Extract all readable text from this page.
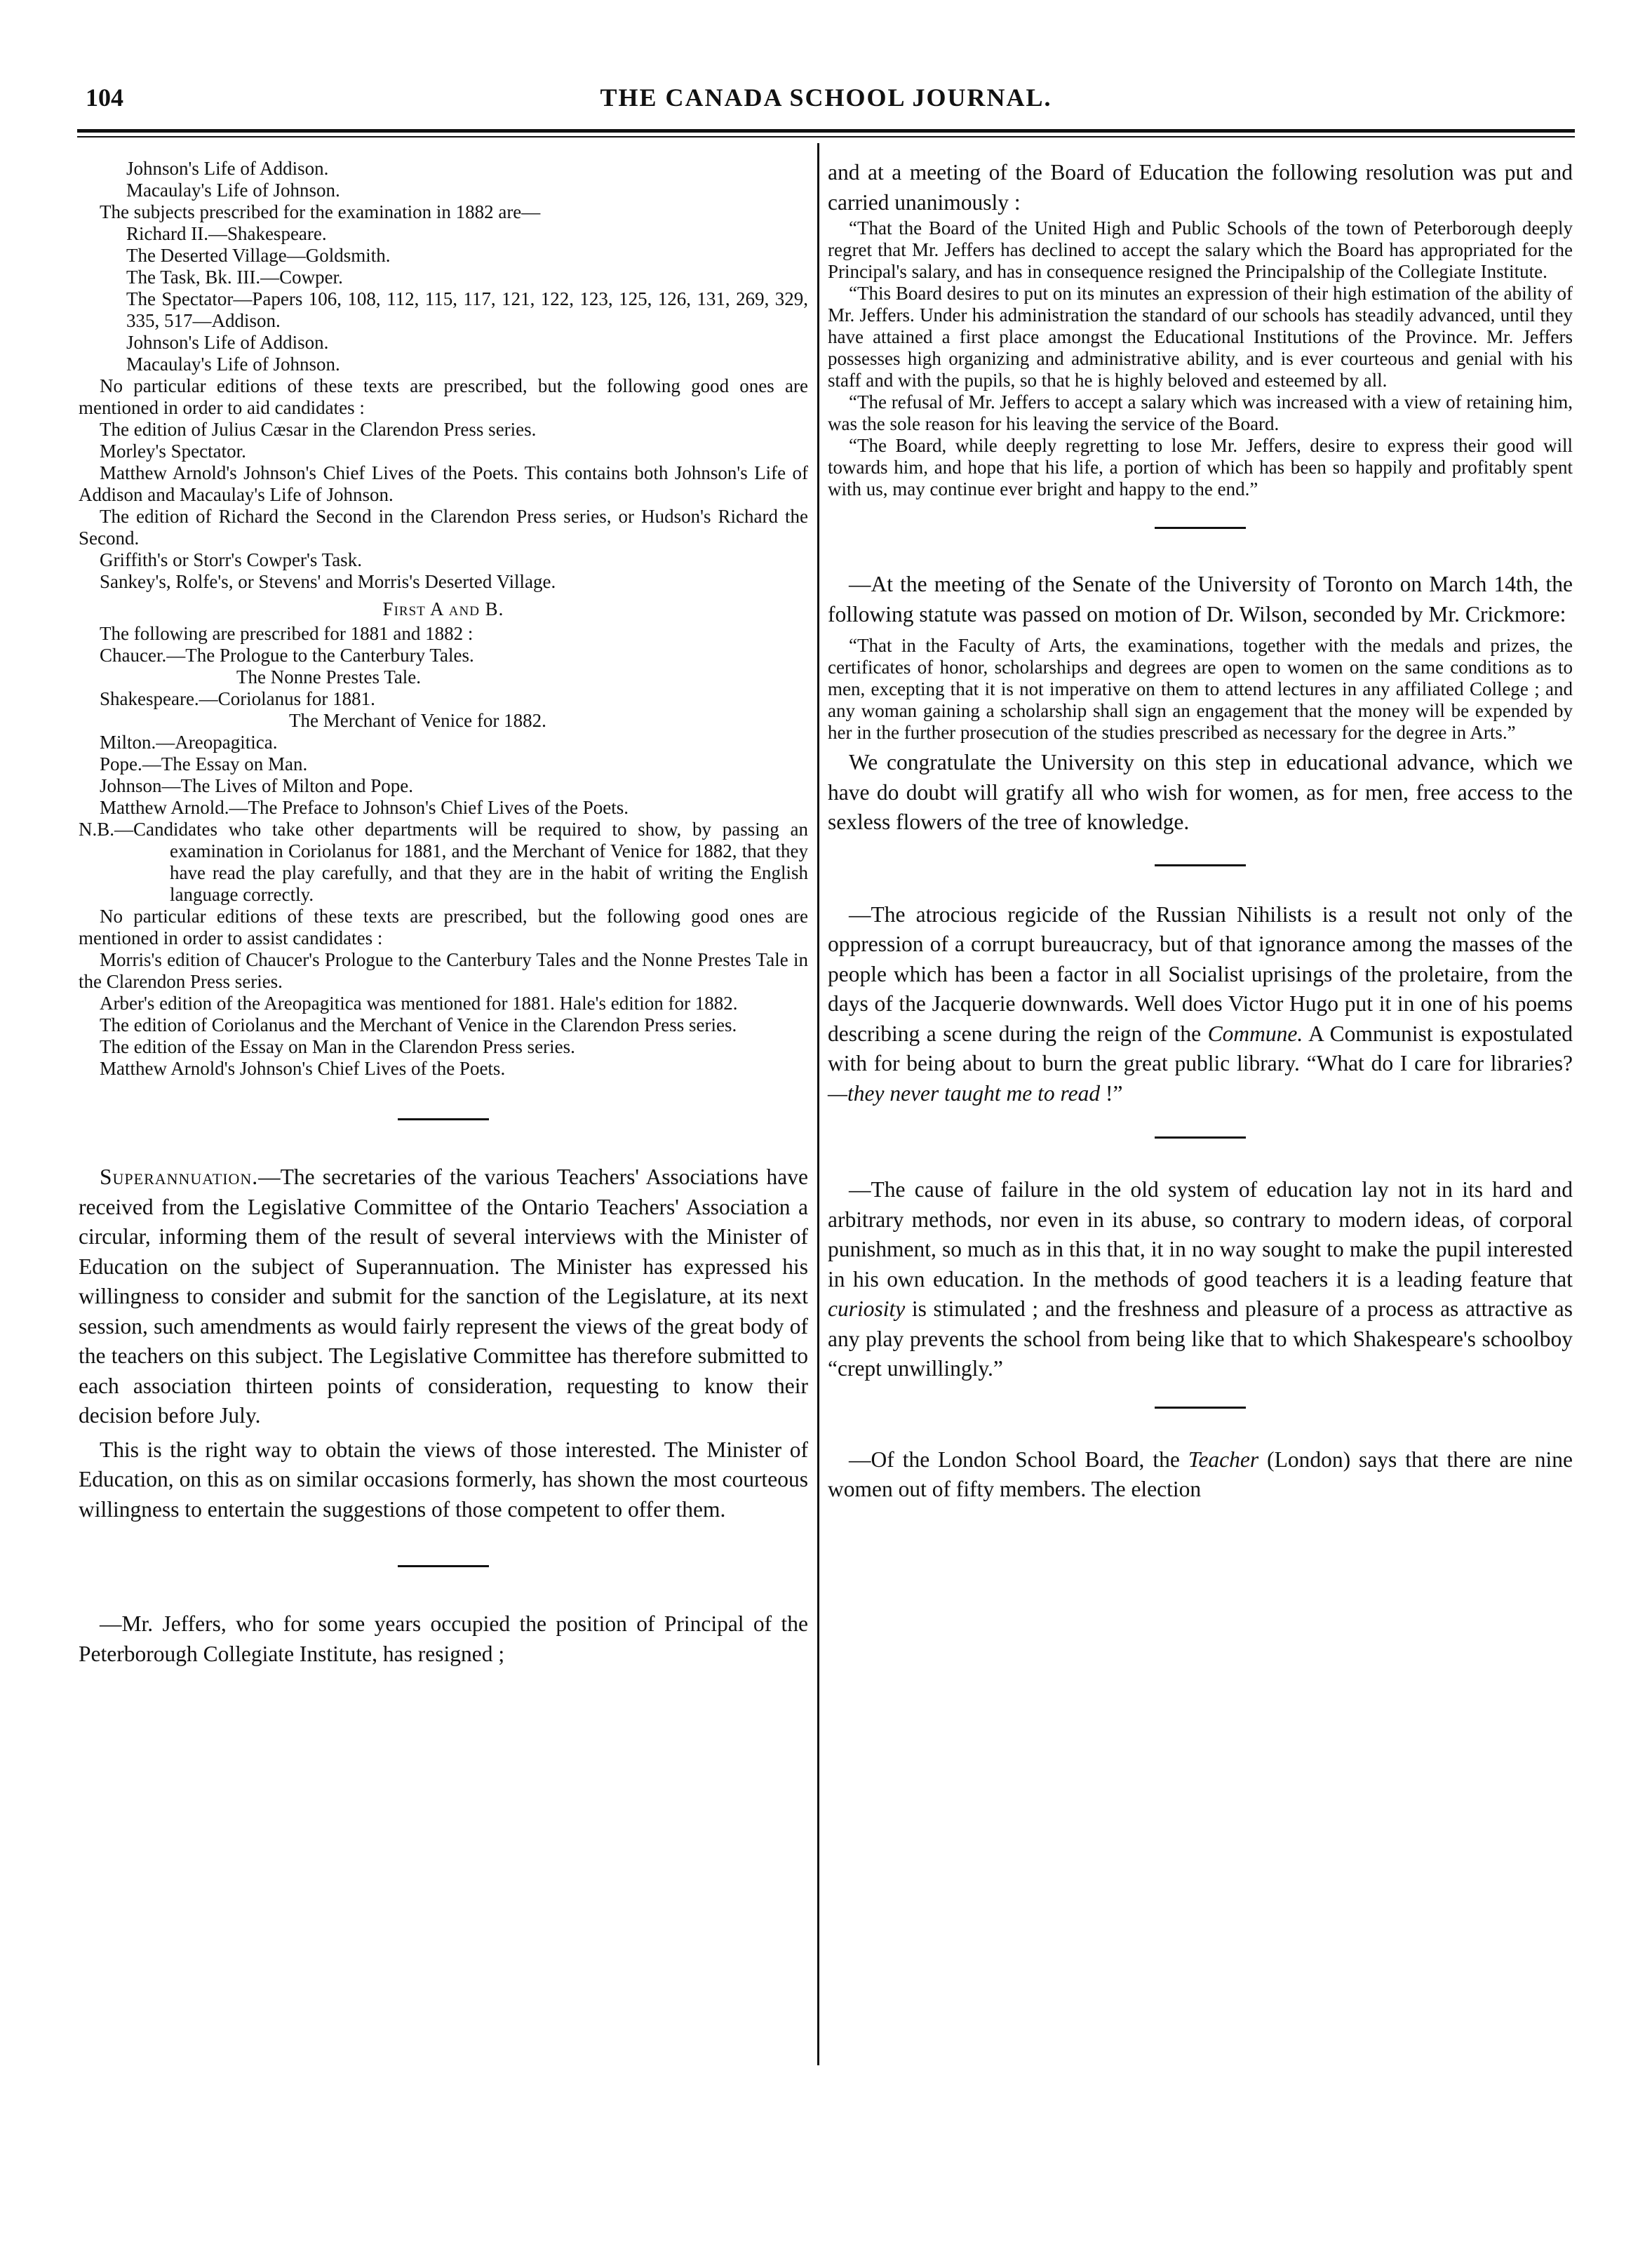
104	THE CANADA SCHOOL JOURNAL.

Johnson's Life of Addison.

Macaulay's Life of Johnson.

The subjects prescribed for the examination in 1882 are—

Richard II.—Shakespeare.

The Deserted Village—Goldsmith.

The Task, Bk. III.—Cowper.

The Spectator—Papers 106, 108, 112, 115, 117, 121, 122, 123, 125, 126, 131, 269, 329, 335, 517—Addison.

Johnson's Life of Addison.

Macaulay's Life of Johnson.

No particular editions of these texts are prescribed, but the following good ones are mentioned in order to aid candidates :

The edition of Julius Cæsar in the Clarendon Press series.

Morley's Spectator.

Matthew Arnold's Johnson's Chief Lives of the Poets. This contains both Johnson's Life of Addison and Macaulay's Life of Johnson.

The edition of Richard the Second in the Clarendon Press series, or Hudson's Richard the Second.

Griffith's or Storr's Cowper's Task.

Sankey's, Rolfe's, or Stevens' and Morris's Deserted Village.

First A and B.

The following are prescribed for 1881 and 1882 :

Chaucer.—The Prologue to the Canterbury Tales.

The Nonne Prestes Tale.

Shakespeare.—Coriolanus for 1881.

The Merchant of Venice for 1882.

Milton.—Areopagitica.

Pope.—The Essay on Man.

Johnson—The Lives of Milton and Pope.

Matthew Arnold.—The Preface to Johnson's Chief Lives of the Poets.

N.B.—Candidates who take other departments will be required to show, by passing an examination in Coriolanus for 1881, and the Merchant of Venice for 1882, that they have read the play carefully, and that they are in the habit of writing the English language correctly.

No particular editions of these texts are prescribed, but the following good ones are mentioned in order to assist candidates :

Morris's edition of Chaucer's Prologue to the Canterbury Tales and the Nonne Prestes Tale in the Clarendon Press series.

Arber's edition of the Areopagitica was mentioned for 1881. Hale's edition for 1882.

The edition of Coriolanus and the Merchant of Venice in the Clarendon Press series.

The edition of the Essay on Man in the Clarendon Press series.

Matthew Arnold's Johnson's Chief Lives of the Poets.

Superannuation.—The secretaries of the various Teachers' Associations have received from the Legislative Committee of the Ontario Teachers' Association a circular, informing them of the result of several interviews with the Minister of Education on the subject of Superannuation. The Minister has expressed his willingness to consider and submit for the sanction of the Legislature, at its next session, such amendments as would fairly represent the views of the great body of the teachers on this subject. The Legislative Committee has therefore submitted to each association thirteen points of consideration, requesting to know their decision before July.

This is the right way to obtain the views of those interested. The Minister of Education, on this as on similar occasions formerly, has shown the most courteous willingness to entertain the suggestions of those competent to offer them.

—Mr. Jeffers, who for some years occupied the position of Principal of the Peterborough Collegiate Institute, has resigned ;

and at a meeting of the Board of Education the following resolution was put and carried unanimously :

“That the Board of the United High and Public Schools of the town of Peterborough deeply regret that Mr. Jeffers has declined to accept the salary which the Board has appropriated for the Principal's salary, and has in consequence resigned the Principalship of the Collegiate Institute.

“This Board desires to put on its minutes an expression of their high estimation of the ability of Mr. Jeffers. Under his administration the standard of our schools has steadily advanced, until they have attained a first place amongst the Educational Institutions of the Province. Mr. Jeffers possesses high organizing and administrative ability, and is ever courteous and genial with his staff and with the pupils, so that he is highly beloved and esteemed by all.

“The refusal of Mr. Jeffers to accept a salary which was increased with a view of retaining him, was the sole reason for his leaving the service of the Board.

“The Board, while deeply regretting to lose Mr. Jeffers, desire to express their good will towards him, and hope that his life, a portion of which has been so happily and profitably spent with us, may continue ever bright and happy to the end.”

—At the meeting of the Senate of the University of Toronto on March 14th, the following statute was passed on motion of Dr. Wilson, seconded by Mr. Crickmore:

“That in the Faculty of Arts, the examinations, together with the medals and prizes, the certificates of honor, scholarships and degrees are open to women on the same conditions as to men, excepting that it is not imperative on them to attend lectures in any affiliated College ; and any woman gaining a scholarship shall sign an engagement that the money will be expended by her in the further prosecution of the studies prescribed as necessary for the degree in Arts.”

We congratulate the University on this step in educational advance, which we have do doubt will gratify all who wish for women, as for men, free access to the sexless flowers of the tree of knowledge.

—The atrocious regicide of the Russian Nihilists is a result not only of the oppression of a corrupt bureaucracy, but of that ignorance among the masses of the people which has been a factor in all Socialist uprisings of the proletaire, from the days of the Jacquerie downwards. Well does Victor Hugo put it in one of his poems describing a scene during the reign of the Commune. A Communist is expostulated with for being about to burn the great public library. “What do I care for libraries? —they never taught me to read !”

—The cause of failure in the old system of education lay not in its hard and arbitrary methods, nor even in its abuse, so contrary to modern ideas, of corporal punishment, so much as in this that, it in no way sought to make the pupil interested in his own education. In the methods of good teachers it is a leading feature that curiosity is stimulated ; and the freshness and pleasure of a process as attractive as any play prevents the school from being like that to which Shakespeare's schoolboy “crept unwillingly.”

—Of the London School Board, the Teacher (London) says that there are nine women out of fifty members. The election
